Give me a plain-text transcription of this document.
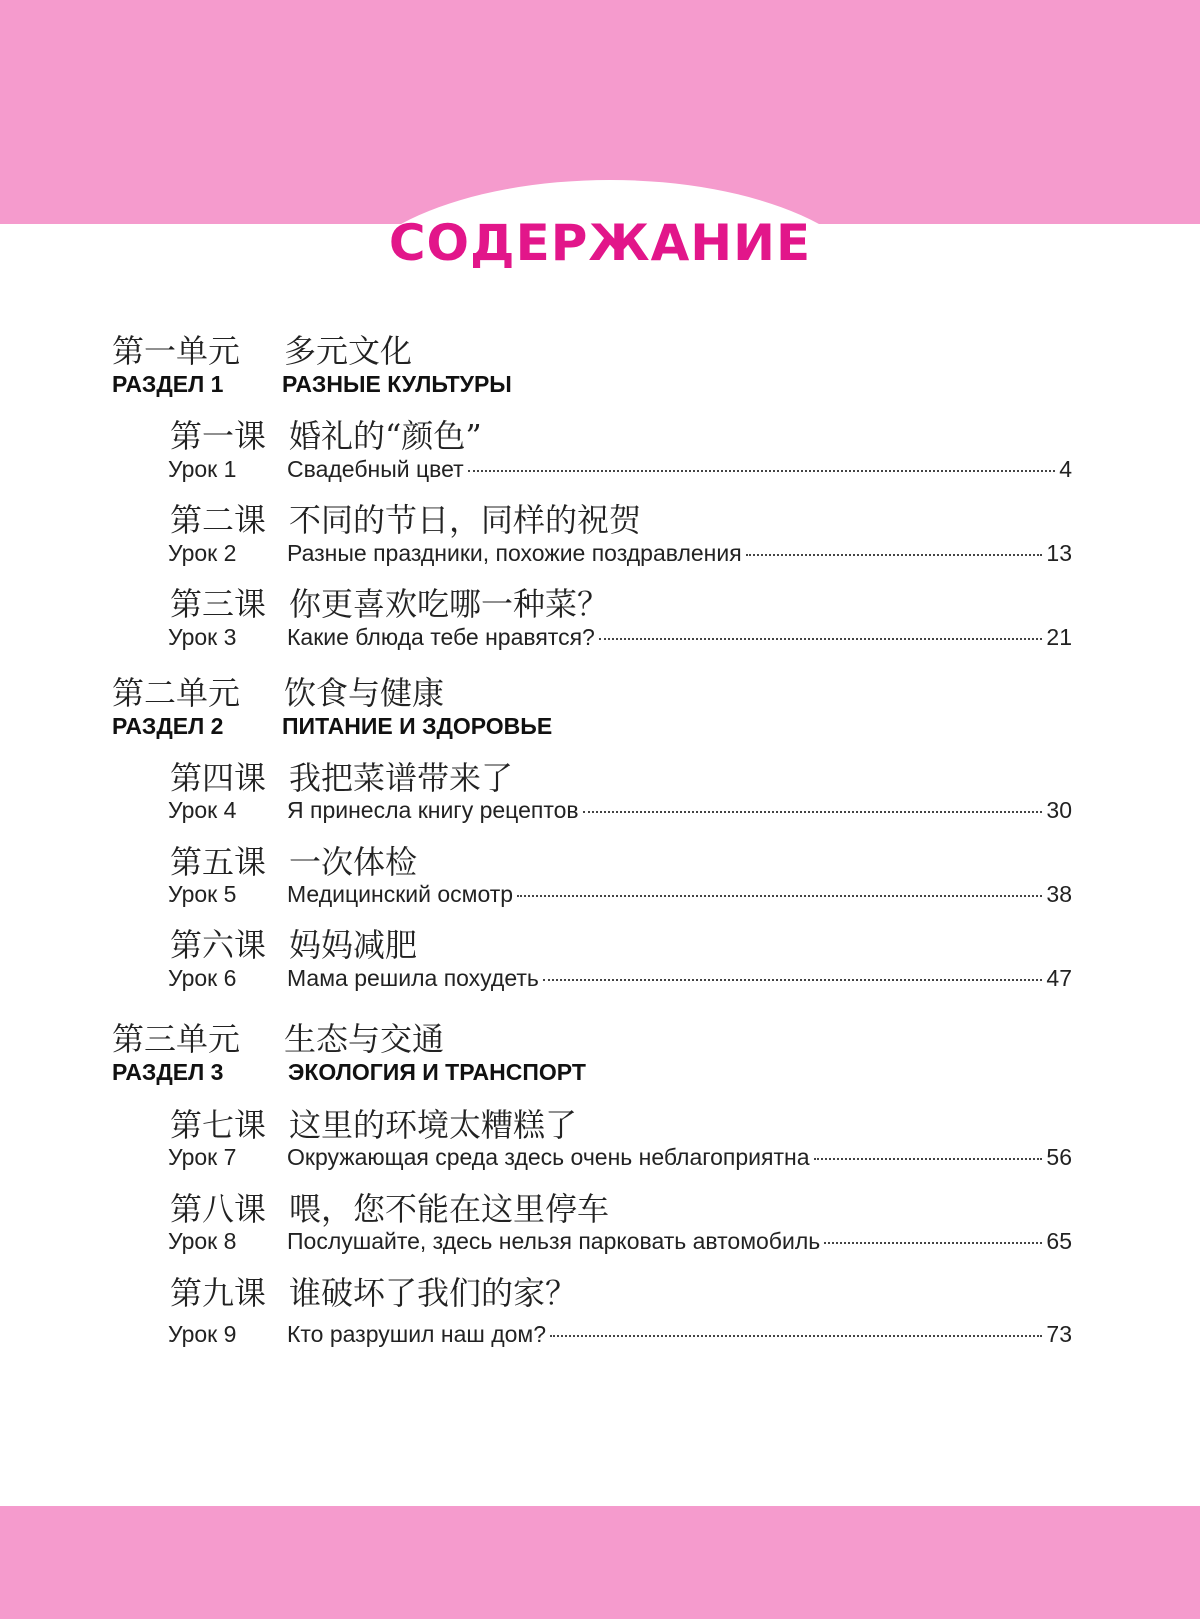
СОДЕРЖАНИЕ
第一单元 多元文化
РАЗДЕЛ 1	РАЗНЫЕ КУЛЬТУРЫ
第一课 婚礼的“颜色”
Урок 1 Свадебный цвет	4
第二课 不同的节日，同样的祝贺
Урок 2 Разные праздники, похожие поздравления	13
第三课 你更喜欢吃哪一种菜？
Урок 3 Какие блюда тебе нравятся?	21
第二单元 饮食与健康
РАЗДЕЛ 2	ПИТАНИЕ И ЗДОРОВЬЕ
第四课 我把菜谱带来了
Урок 4 Я принесла книгу рецептов	30
第五课 一次体检
Урок 5 Медицинский осмотр	38
第六课 妈妈减肥
Урок 6 Мама решила похудеть	47
第三单元 生态与交通
РАЗДЕЛ 3	ЭКОЛОГИЯ И ТРАНСПОРТ
第七课 这里的环境太糟糕了
Урок 7 Окружающая среда здесь очень неблагоприятна	56
第八课 喂，您不能在这里停车
Урок 8 Послушайте, здесь нельзя парковать автомобиль	65
第九课 谁破坏了我们的家？
Урок 9 Кто разрушил наш дом?	73
